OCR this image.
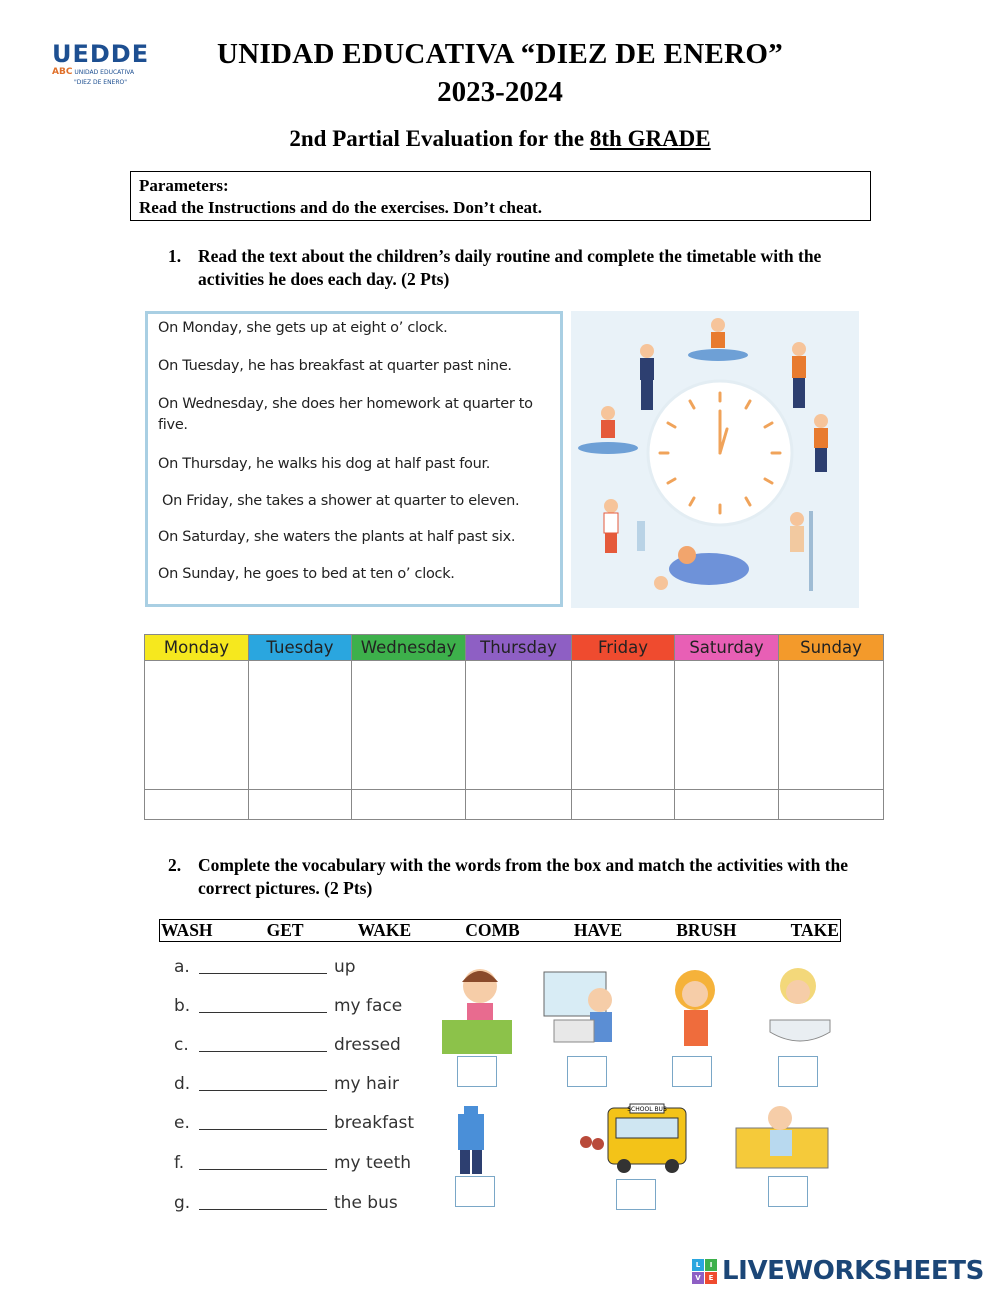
UEDDE
ABC UNIDAD EDUCATIVA
"DIEZ DE ENERO"
UNIDAD EDUCATIVA “DIEZ DE ENERO”
2023-2024
2nd Partial Evaluation for the 8th GRADE
Parameters:
Read the Instructions and do the exercises. Don’t cheat.
1. Read the text about the children’s daily routine and complete the timetable with the activities he does each day. (2 Pts)

On Monday, she gets up at eight o’ clock.

On Tuesday, he has breakfast at quarter past nine.

On Wednesday, she does her homework at quarter to five.

On Thursday, he walks his dog at half past four.

On Friday, she takes a shower at quarter to eleven.

On Saturday, she waters the plants at half past six.

On Sunday, he goes to bed at ten o’ clock.

Monday	Tuesday	Wednesday	Thursday	Friday	Saturday	Sunday

2. Complete the vocabulary with the words from the box and match the activities with the correct pictures. (2 Pts)
WASH	GET	WAKE	COMB	HAVE	BRUSH	TAKE
a.	up
b.	my face
c.	dressed
d.	my hair
e.	breakfast
f.	my teeth
g.	the bus
SCHOOL BUS
L	I
V	E LIVEWORKSHEETS
